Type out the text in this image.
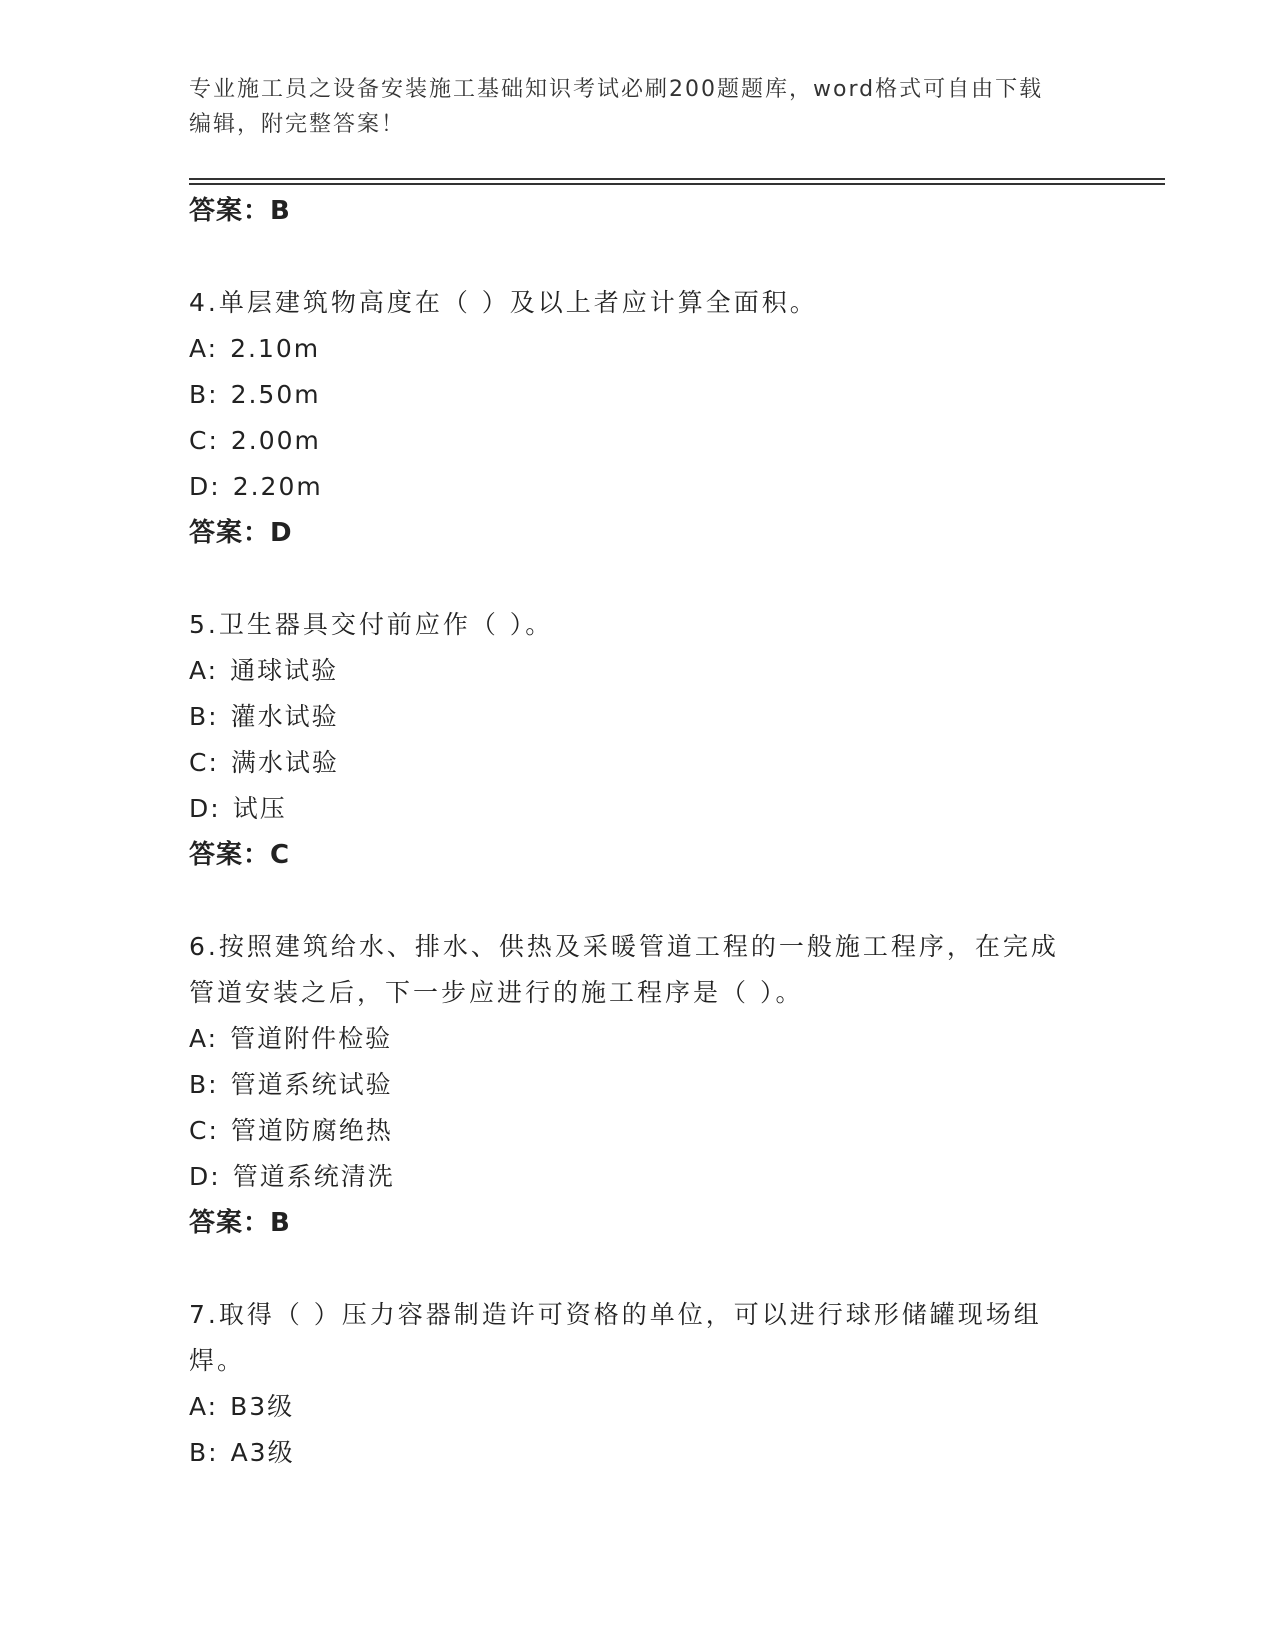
专业施工员之设备安装施工基础知识考试必刷200题题库，word格式可自由下载
编辑，附完整答案！
答案：B
4.单层建筑物高度在（ ）及以上者应计算全面积。
A: 2.10m
B: 2.50m
C: 2.00m
D: 2.20m
答案：D
5.卫生器具交付前应作（ ）。
A: 通球试验
B: 灌水试验
C: 满水试验
D: 试压
答案：C
6.按照建筑给水、排水、供热及采暖管道工程的一般施工程序，在完成管道安装之后，下一步应进行的施工程序是（ ）。
A: 管道附件检验
B: 管道系统试验
C: 管道防腐绝热
D: 管道系统清洗
答案：B
7.取得（ ）压力容器制造许可资格的单位，可以进行球形储罐现场组焊。
A: B3级
B: A3级
